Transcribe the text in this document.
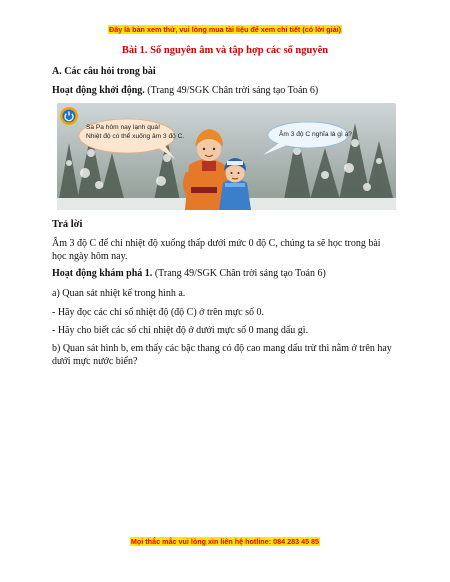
Đây là bản xem thử, vui lòng mua tài liệu để xem chi tiết (có lời giải)
Bài 1. Số nguyên âm và tập hợp các số nguyên
A. Các câu hỏi trong bài
Hoạt động khởi động. (Trang 49/SGK Chân trời sáng tạo Toán 6)
Sa Pa hôm nay lạnh quá!
Nhiệt độ có thể xuống âm 3 độ C.	Âm 3 độ C nghĩa là gì ạ?
Trả lời
Âm 3 độ C để chỉ nhiệt độ xuống thấp dưới mức 0 độ C, chúng ta sẽ học trong bài
học ngày hôm nay.
Hoạt động khám phá 1. (Trang 49/SGK Chân trời sáng tạo Toán 6)
a) Quan sát nhiệt kế trong hình a.
- Hãy đọc các chỉ số nhiệt độ (độ C) ở trên mực số 0.
- Hãy cho biết các số chỉ nhiệt độ ở dưới mực số 0 mang dấu gì.
b) Quan sát hình b, em thấy các bậc thang có độ cao mang dấu trừ thì nằm ở trên hay
dưới mực nước biển?
Mọi thắc mắc vui lòng xin liên hệ hotline: 084 283 45 85
